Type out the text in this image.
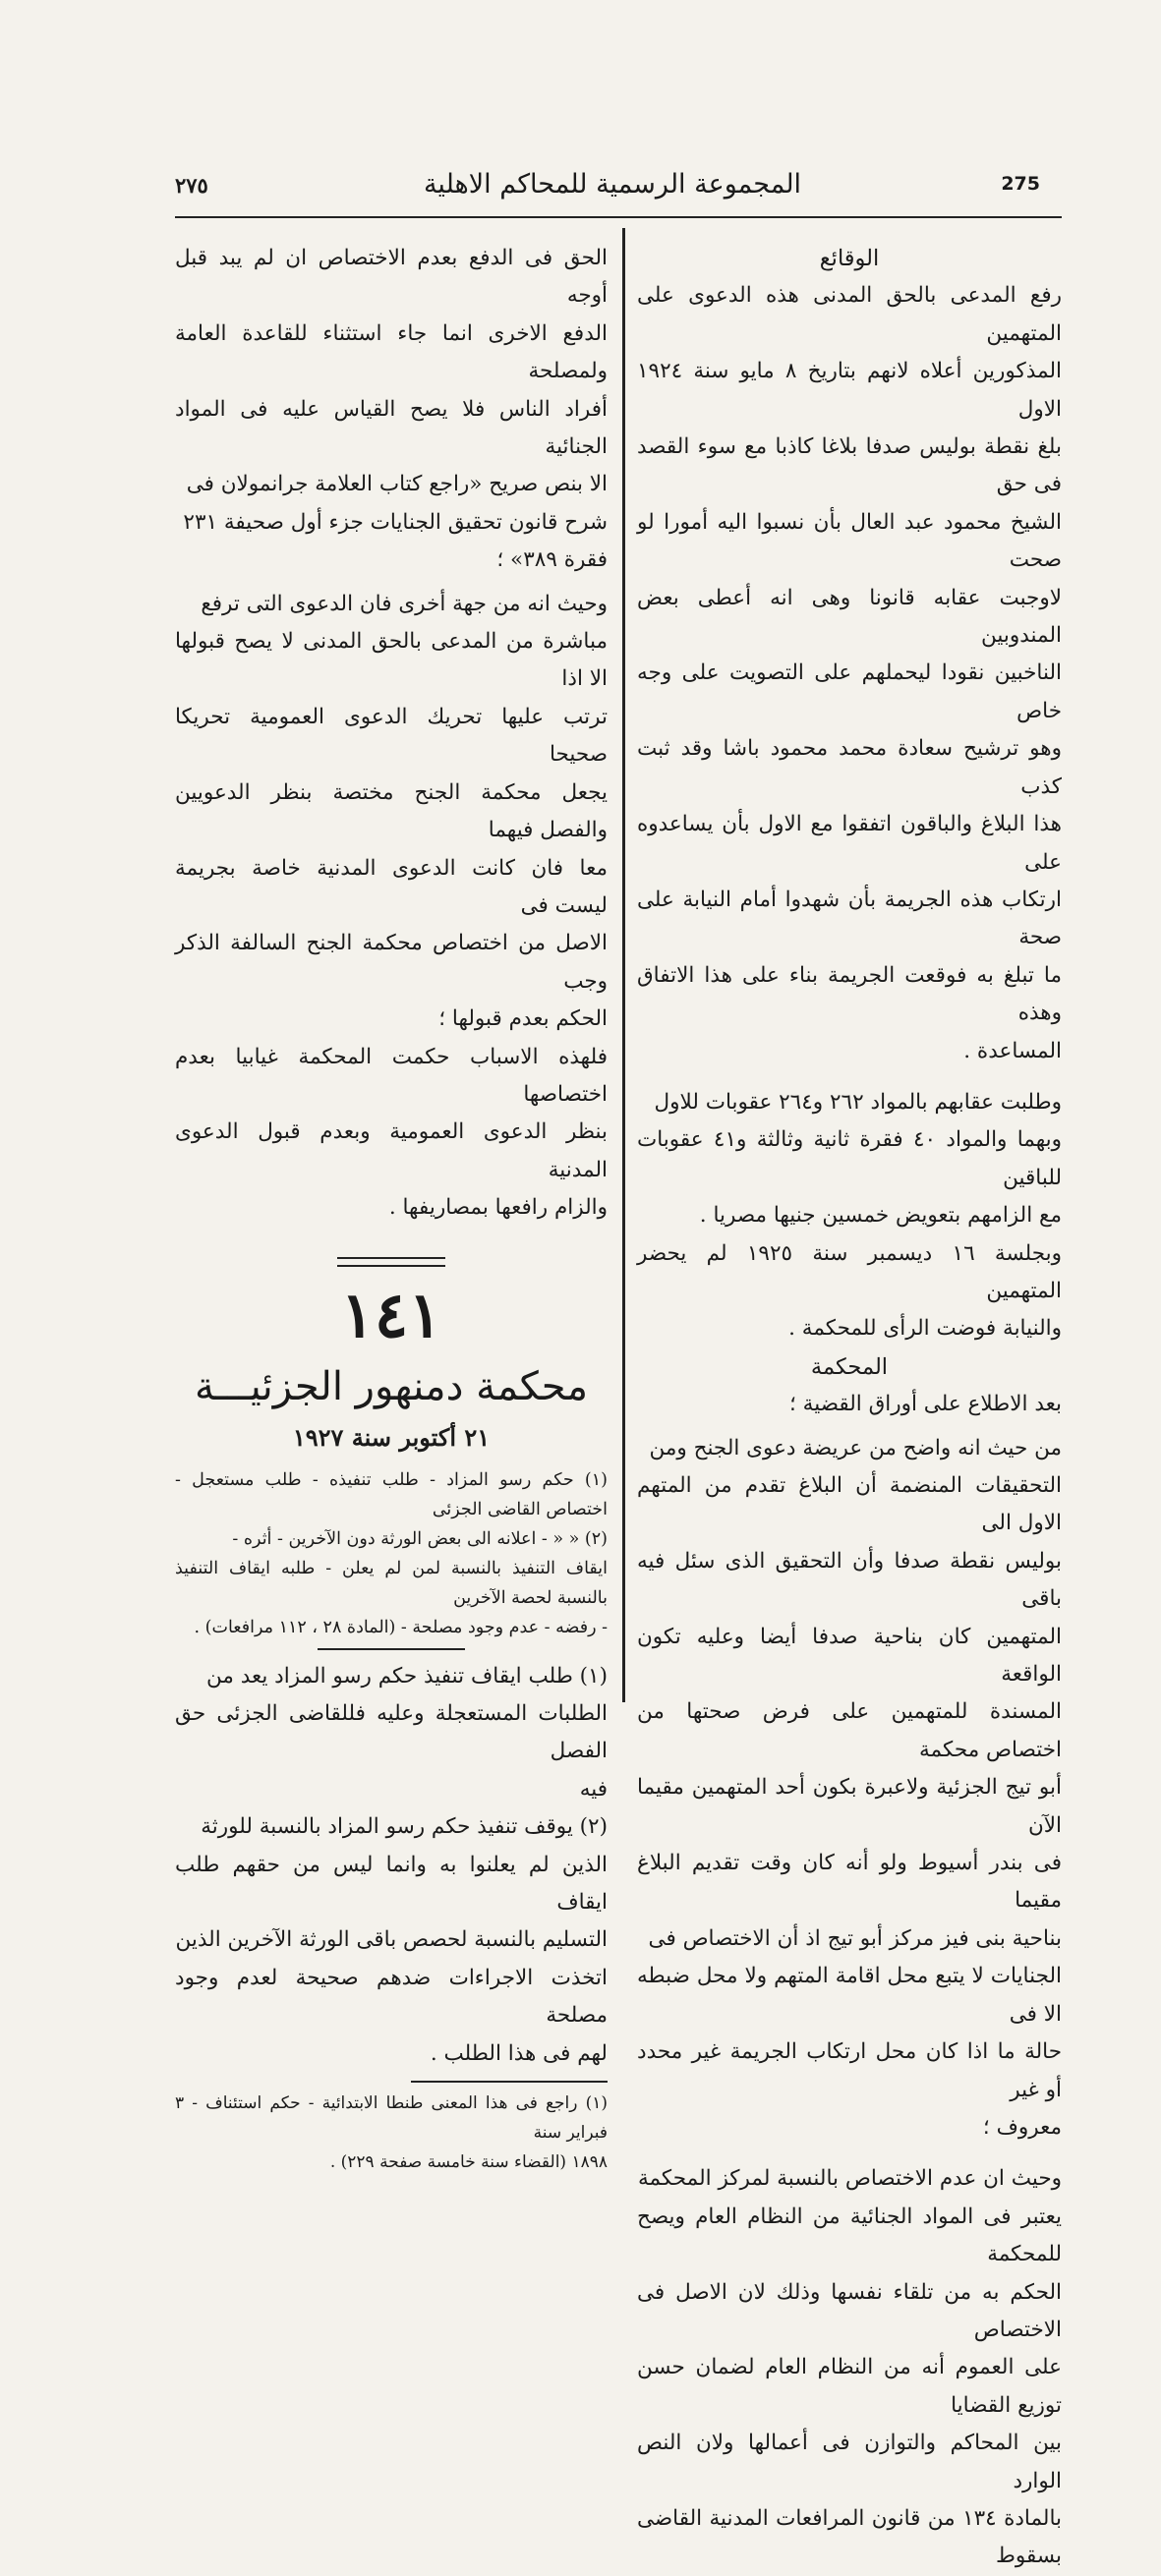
٢٧٥	المجموعة الرسمية للمحاكم الاهلية	275

الوقائع

رفع المدعى بالحق المدنى هذه الدعوى على المتهمين

المذكورين أعلاه لانهم بتاريخ ٨ مايو سنة ١٩٢٤ الاول

بلغ نقطة بوليس صدفا بلاغا كاذبا مع سوء القصد فى حق

الشيخ محمود عبد العال بأن نسبوا اليه أمورا لو صحت

لاوجبت عقابه قانونا وهى انه أعطى بعض المندوبين

الناخبين نقودا ليحملهم على التصويت على وجه خاص

وهو ترشيح سعادة محمد محمود باشا وقد ثبت كذب

هذا البلاغ والباقون اتفقوا مع الاول بأن يساعدوه على

ارتكاب هذه الجريمة بأن شهدوا أمام النيابة على صحة

ما تبلغ به فوقعت الجريمة بناء على هذا الاتفاق وهذه

المساعدة .

وطلبت عقابهم بالمواد ٢٦٢ و٢٦٤ عقوبات للاول

وبهما والمواد ٤٠ فقرة ثانية وثالثة و٤١ عقوبات للباقين

مع الزامهم بتعويض خمسين جنيها مصريا .

وبجلسة ١٦ ديسمبر سنة ١٩٢٥ لم يحضر المتهمين

والنيابة فوضت الرأى للمحكمة .

المحكمة

بعد الاطلاع على أوراق القضية ؛

من حيث انه واضح من عريضة دعوى الجنح ومن

التحقيقات المنضمة أن البلاغ تقدم من المتهم الاول الى

بوليس نقطة صدفا وأن التحقيق الذى سئل فيه باقى

المتهمين كان بناحية صدفا أيضا وعليه تكون الواقعة

المسندة للمتهمين على فرض صحتها من اختصاص محكمة

أبو تيج الجزئية ولاعبرة بكون أحد المتهمين مقيما الآن

فى بندر أسيوط ولو أنه كان وقت تقديم البلاغ مقيما

بناحية بنى فيز مركز أبو تيج اذ أن الاختصاص فى

الجنايات لا يتبع محل اقامة المتهم ولا محل ضبطه الا فى

حالة ما اذا كان محل ارتكاب الجريمة غير محدد أو غير

معروف ؛

وحيث ان عدم الاختصاص بالنسبة لمركز المحكمة

يعتبر فى المواد الجنائية من النظام العام ويصح للمحكمة

الحكم به من تلقاء نفسها وذلك لان الاصل فى الاختصاص

على العموم أنه من النظام العام لضمان حسن توزيع القضايا

بين المحاكم والتوازن فى أعمالها ولان النص الوارد

بالمادة ١٣٤ من قانون المرافعات المدنية القاضى بسقوط

الحق فى الدفع بعدم الاختصاص ان لم يبد قبل أوجه

الدفع الاخرى انما جاء استثناء للقاعدة العامة ولمصلحة

أفراد الناس فلا يصح القياس عليه فى المواد الجنائية

الا بنص صريح «راجع كتاب العلامة جرانمولان فى

شرح قانون تحقيق الجنايات جزء أول صحيفة ٢٣١

فقرة ٣٨٩» ؛

وحيث انه من جهة أخرى فان الدعوى التى ترفع

مباشرة من المدعى بالحق المدنى لا يصح قبولها الا اذا

ترتب عليها تحريك الدعوى العمومية تحريكا صحيحا

يجعل محكمة الجنح مختصة بنظر الدعويين والفصل فيهما

معا فان كانت الدعوى المدنية خاصة بجريمة ليست فى

الاصل من اختصاص محكمة الجنح السالفة الذكر وجب

الحكم بعدم قبولها ؛

فلهذه الاسباب حكمت المحكمة غيابيا بعدم اختصاصها

بنظر الدعوى العمومية وبعدم قبول الدعوى المدنية

والزام رافعها بمصاريفها .

١٤١
محكمة دمنهور الجزئيـــة
٢١ أكتوبر سنة ١٩٢٧

(١) حكم رسو المزاد - طلب تنفيذه - طلب مستعجل - اختصاص القاضى الجزئى

(٢) « « - اعلانه الى بعض الورثة دون الآخرين - أثره -

ايقاف التنفيذ بالنسبة لمن لم يعلن - طلبه ايقاف التنفيذ بالنسبة لحصة الآخرين

- رفضه - عدم وجود مصلحة - (المادة ٢٨ ، ١١٢ مرافعات) .

(١) طلب ايقاف تنفيذ حكم رسو المزاد يعد من

الطلبات المستعجلة وعليه فللقاضى الجزئى حق الفصل

فيه

(٢) يوقف تنفيذ حكم رسو المزاد بالنسبة للورثة

الذين لم يعلنوا به وانما ليس من حقهم طلب ايقاف

التسليم بالنسبة لحصص باقى الورثة الآخرين الذين

اتخذت الاجراءات ضدهم صحيحة لعدم وجود مصلحة

لهم فى هذا الطلب .

(١) راجع فى هذا المعنى طنطا الابتدائية - حكم استئناف - ٣ فبراير سنة

١٨٩٨ (القضاء سنة خامسة صفحة ٢٢٩) .
